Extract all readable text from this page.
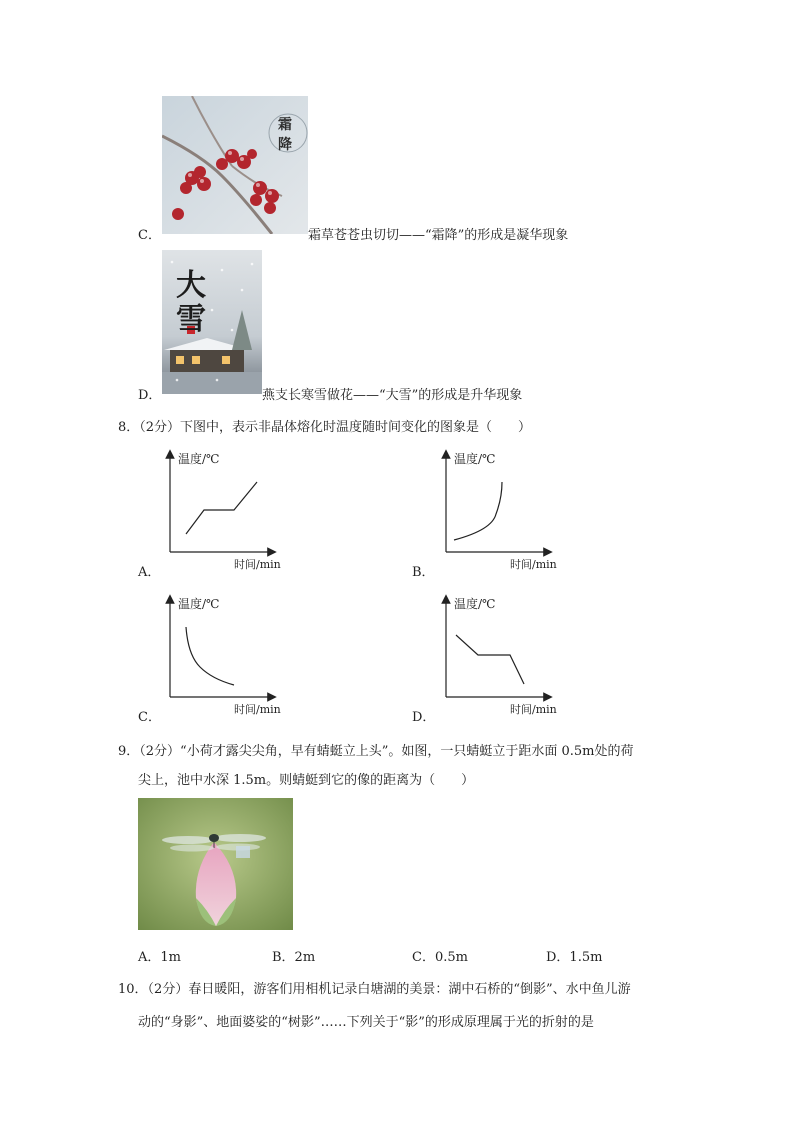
霜
降
C．	霜草苍苍虫切切——“霜降”的形成是凝华现象
大
雪
D．	燕支长寒雪做花——“大雪”的形成是升华现象
8．（2分）下图中，表示非晶体熔化时温度随时间变化的图象是（　　）
温度/℃
时间/min
A．
温度/℃
时间/min
B．
温度/℃
时间/min
C．
温度/℃
时间/min
D．
9．（2分）“小荷才露尖尖角，早有蜻蜓立上头”。如图，一只蜻蜓立于距水面 0.5m处的荷
尖上，池中水深 1.5m。则蜻蜓到它的像的距离为（　　）
A．1m	B．2m	C．0.5m	D．1.5m
10．（2分）春日暖阳，游客们用相机记录白塘湖的美景：湖中石桥的“倒影”、水中鱼儿游
动的“身影”、地面婆娑的“树影”……下列关于“影”的形成原理属于光的折射的是
